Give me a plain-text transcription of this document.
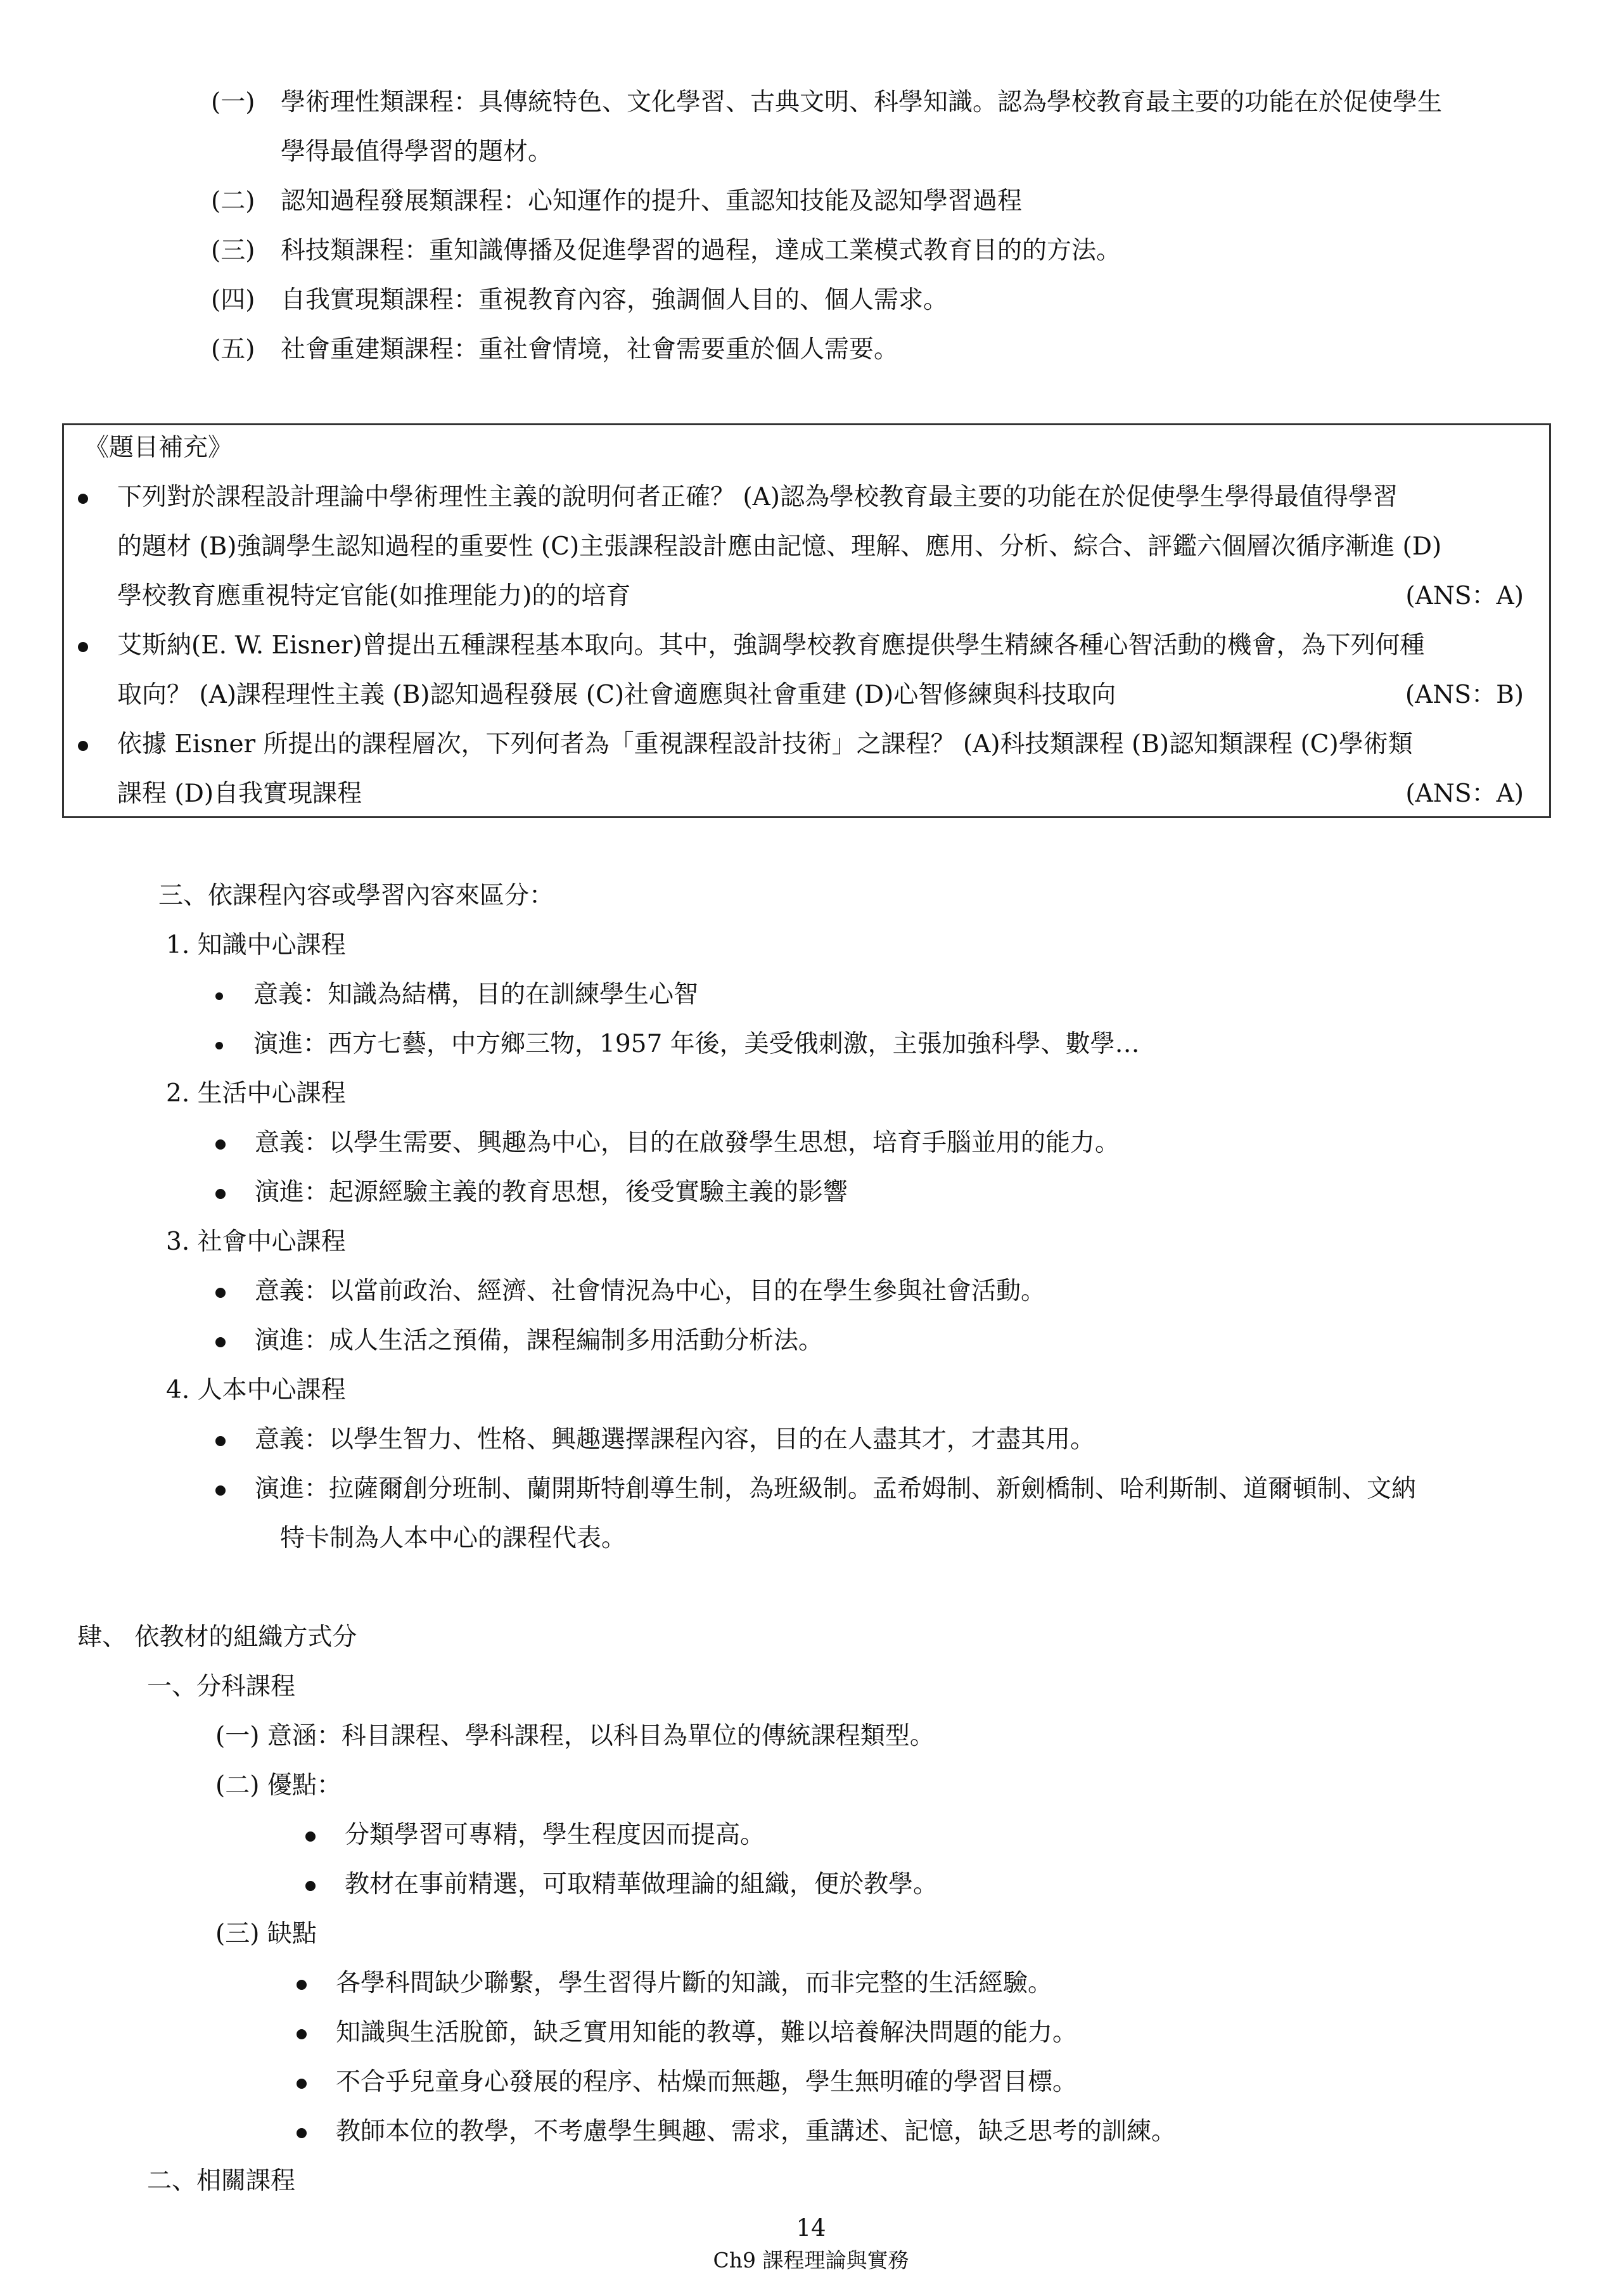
(一) 學術理性類課程：具傳統特色、文化學習、古典文明、科學知識。認為學校教育最主要的功能在於促使學生
學得最值得學習的題材。
(二) 認知過程發展類課程：心知運作的提升、重認知技能及認知學習過程
(三) 科技類課程：重知識傳播及促進學習的過程，達成工業模式教育目的的方法。
(四) 自我實現類課程：重視教育內容，強調個人目的、個人需求。
(五) 社會重建類課程：重社會情境，社會需要重於個人需要。
《題目補充》
下列對於課程設計理論中學術理性主義的說明何者正確？ (A)認為學校教育最主要的功能在於促使學生學得最值得學習
的題材 (B)強調學生認知過程的重要性 (C)主張課程設計應由記憶、理解、應用、分析、綜合、評鑑六個層次循序漸進 (D)
學校教育應重視特定官能(如推理能力)的的培育	(ANS：A)
艾斯納(E. W. Eisner)曾提出五種課程基本取向。其中，強調學校教育應提供學生精練各種心智活動的機會，為下列何種
取向？ (A)課程理性主義 (B)認知過程發展 (C)社會適應與社會重建 (D)心智修練與科技取向	(ANS：B)
依據 Eisner 所提出的課程層次，下列何者為「重視課程設計技術」之課程？ (A)科技類課程 (B)認知類課程 (C)學術類
課程 (D)自我實現課程	(ANS：A)
三、依課程內容或學習內容來區分：
1. 知識中心課程
意義：知識為結構，目的在訓練學生心智
演進：西方七藝，中方鄉三物，1957 年後，美受俄刺激，主張加強科學、數學…
2. 生活中心課程
意義：以學生需要、興趣為中心，目的在啟發學生思想，培育手腦並用的能力。
演進：起源經驗主義的教育思想，後受實驗主義的影響
3. 社會中心課程
意義：以當前政治、經濟、社會情況為中心，目的在學生參與社會活動。
演進：成人生活之預備，課程編制多用活動分析法。
4. 人本中心課程
意義：以學生智力、性格、興趣選擇課程內容，目的在人盡其才，才盡其用。
演進：拉薩爾創分班制、蘭開斯特創導生制，為班級制。孟希姆制、新劍橋制、哈利斯制、道爾頓制、文納
特卡制為人本中心的課程代表。
肆、 依教材的組織方式分
一、分科課程
(一) 意涵：科目課程、學科課程，以科目為單位的傳統課程類型。
(二) 優點：
分類學習可專精，學生程度因而提高。
教材在事前精選，可取精華做理論的組織，便於教學。
(三) 缺點
各學科間缺少聯繫，學生習得片斷的知識，而非完整的生活經驗。
知識與生活脫節，缺乏實用知能的教導，難以培養解決問題的能力。
不合乎兒童身心發展的程序、枯燥而無趣，學生無明確的學習目標。
教師本位的教學，不考慮學生興趣、需求，重講述、記憶，缺乏思考的訓練。
二、相關課程
14
Ch9 課程理論與實務
